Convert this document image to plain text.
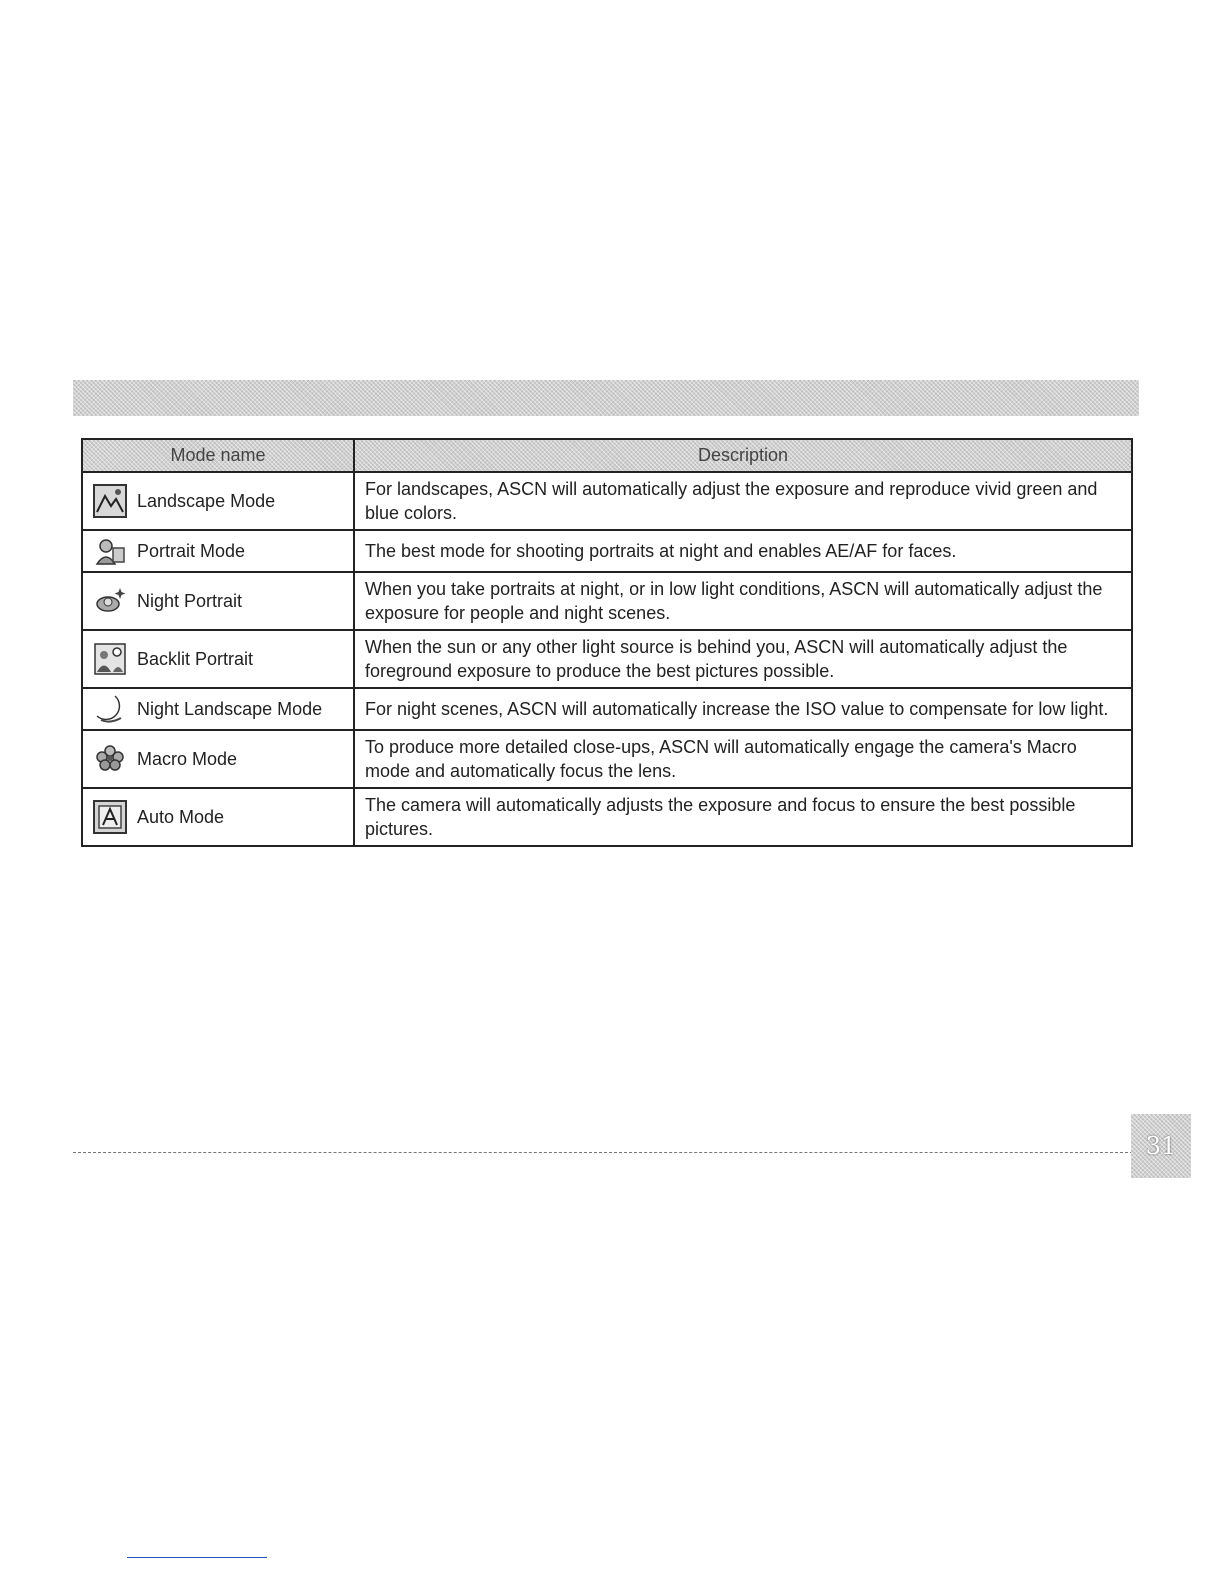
Mode name	Description

Landscape Mode	For landscapes, ASCN will automatically adjust the exposure and reproduce vivid green and blue colors.

Portrait Mode	The best mode for shooting portraits at night and enables AE/AF for faces.

Night Portrait	When you take portraits at night, or in low light conditions, ASCN will automatically adjust the exposure for people and night scenes.

Backlit Portrait	When the sun or any other light source is behind you, ASCN will automatically adjust the foreground exposure to produce the best pictures possible.

Night Landscape Mode	For night scenes, ASCN will automatically increase the ISO value to compensate for low light.

Macro Mode	To produce more detailed close-ups, ASCN will automatically engage the camera's Macro mode and automatically focus the lens.

Auto Mode	The camera will automatically adjusts the exposure and focus to ensure the best possible pictures.
31
